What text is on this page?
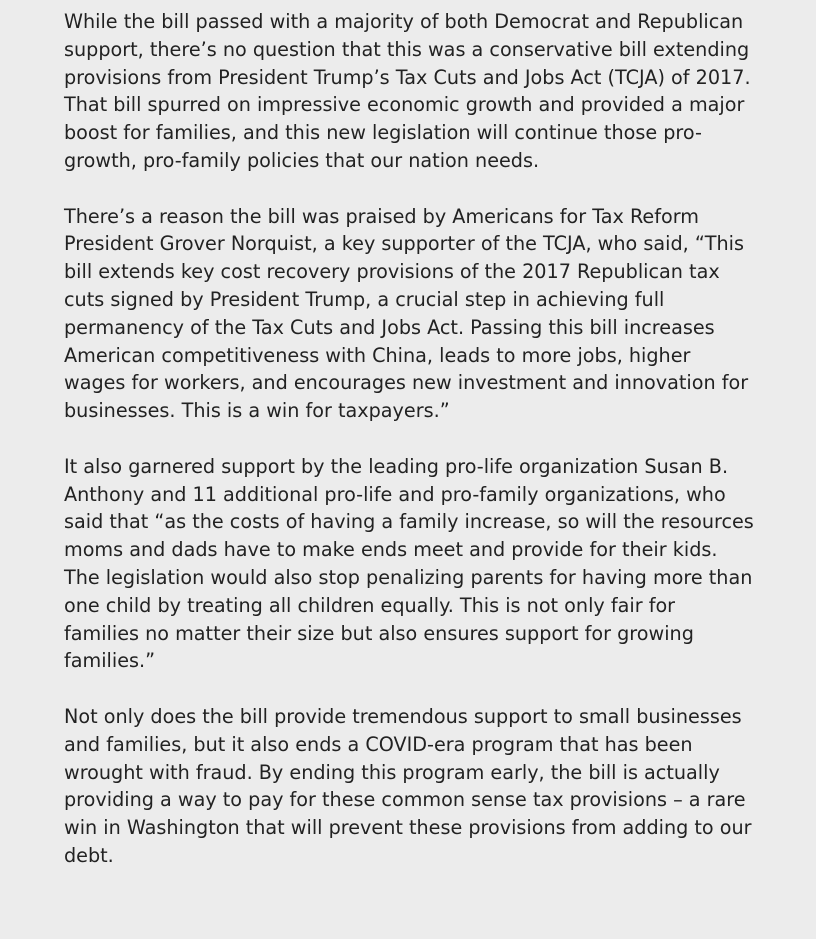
While the bill passed with a majority of both Democrat and Republican support, there’s no question that this was a conservative bill extending provisions from President Trump’s Tax Cuts and Jobs Act (TCJA) of 2017. That bill spurred on impressive economic growth and provided a major boost for families, and this new legislation will continue those pro-growth, pro-family policies that our nation needs.

There’s a reason the bill was praised by Americans for Tax Reform President Grover Norquist, a key supporter of the TCJA, who said, “This bill extends key cost recovery provisions of the 2017 Republican tax cuts signed by President Trump, a crucial step in achieving full permanency of the Tax Cuts and Jobs Act. Passing this bill increases American competitiveness with China, leads to more jobs, higher wages for workers, and encourages new investment and innovation for businesses. This is a win for taxpayers.”

It also garnered support by the leading pro-life organization Susan B. Anthony and 11 additional pro-life and pro-family organizations, who said that “as the costs of having a family increase, so will the resources moms and dads have to make ends meet and provide for their kids. The legislation would also stop penalizing parents for having more than one child by treating all children equally. This is not only fair for families no matter their size but also ensures support for growing families.”

Not only does the bill provide tremendous support to small businesses and families, but it also ends a COVID-era program that has been wrought with fraud. By ending this program early, the bill is actually providing a way to pay for these common sense tax provisions – a rare win in Washington that will prevent these provisions from adding to our debt.
